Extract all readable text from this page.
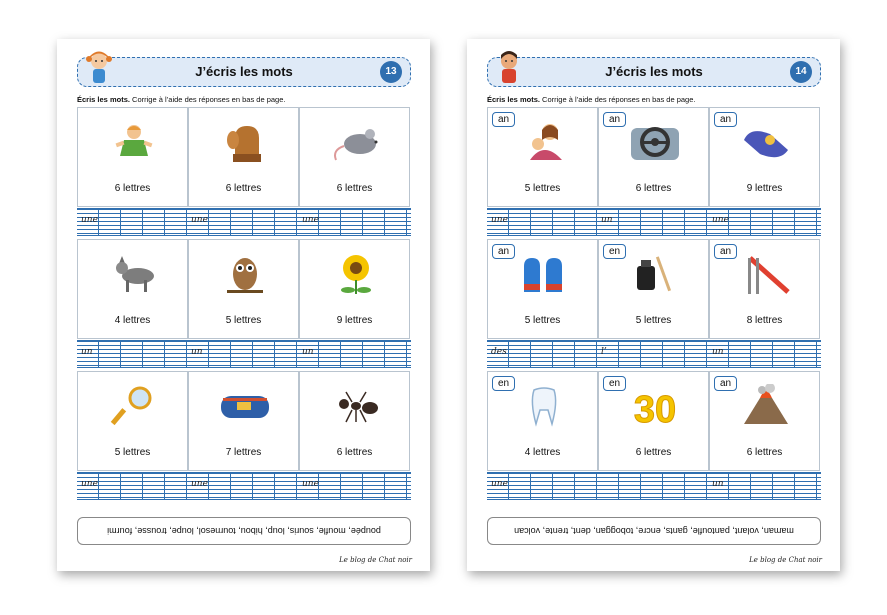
J’écris les mots	13
Écris les mots. Corrige à l’aide des réponses en bas de page.
6 lettres	6 lettres	6 lettres
une	une	une
4 lettres	5 lettres	9 lettres
un	un	un
5 lettres	7 lettres	6 lettres
une	une	une
poupée, moufle, souris, loup, hibou, tournesol, loupe, trousse, fourmi
Le blog de Chat noir
J’écris les mots	14
Écris les mots. Corrige à l’aide des réponses en bas de page.
an
5 lettres
an
6 lettres
an
9 lettres
une	un	une
an
5 lettres
en
5 lettres
an
8 lettres
des	l’	un
en
4 lettres
en
30
6 lettres
an
6 lettres
une	un
maman, volant, pantoufle, gants, encre, toboggan, dent, trente, volcan
Le blog de Chat noir
